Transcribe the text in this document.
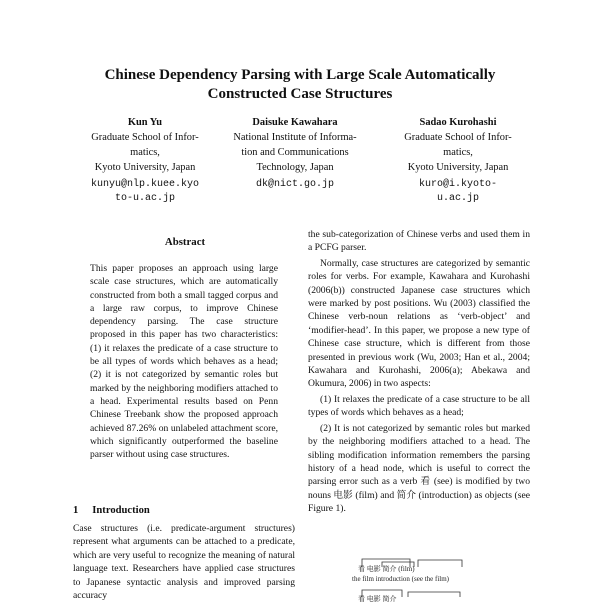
Chinese Dependency Parsing with Large Scale Automatically
Constructed Case Structures
Kun Yu
Graduate School of Infor-
matics,
Kyoto University, Japan
kunyu@nlp.kuee.kyo
to-u.ac.jp
Daisuke Kawahara
National Institute of Informa-
tion and Communications
Technology, Japan
dk@nict.go.jp
Sadao Kurohashi
Graduate School of Infor-
matics,
Kyoto University, Japan
kuro@i.kyoto-
u.ac.jp
Abstract
This paper proposes an approach using large scale case structures, which are automatically constructed from both a small tagged corpus and a large raw corpus, to improve Chinese dependency parsing. The case structure proposed in this paper has two characteristics: (1) it relaxes the predicate of a case structure to be all types of words which behaves as a head; (2) it is not categorized by semantic roles but marked by the neighboring modifiers attached to a head. Experimental results based on Penn Chinese Treebank show the proposed approach achieved 87.26% on unlabeled attachment score, which significantly outperformed the baseline parser without using case structures.
1 Introduction
Case structures (i.e. predicate-argument structures) represent what arguments can be attached to a predicate, which are very useful to recognize the meaning of natural language text. Researchers have applied case structures to Japanese syntactic analysis and improved parsing accuracy

the sub-categorization of Chinese verbs and used them in a PCFG parser.

Normally, case structures are categorized by semantic roles for verbs. For example, Kawahara and Kurohashi (2006(b)) constructed Japanese case structures which were marked by post positions. Wu (2003) classified the Chinese verb-noun relations as ‘verb-object’ and ‘modifier-head’. In this paper, we propose a new type of Chinese case structure, which is different from those presented in previous work (Wu, 2003; Han et al., 2004; Kawahara and Kurohashi, 2006(a); Abekawa and Okumura, 2006) in two aspects:

(1) It relaxes the predicate of a case structure to be all types of words which behaves as a head;

(2) It is not categorized by semantic roles but marked by the neighboring modifiers attached to a head. The sibling modification information remembers the parsing history of a head node, which is useful to correct the parsing error such as a verb 看 (see) is modified by two nouns 电影 (film) and 简介 (introduction) as objects (see Figure 1).

看 电影 简介 (film)
the film introduction (see the film)
看 电影 简介
